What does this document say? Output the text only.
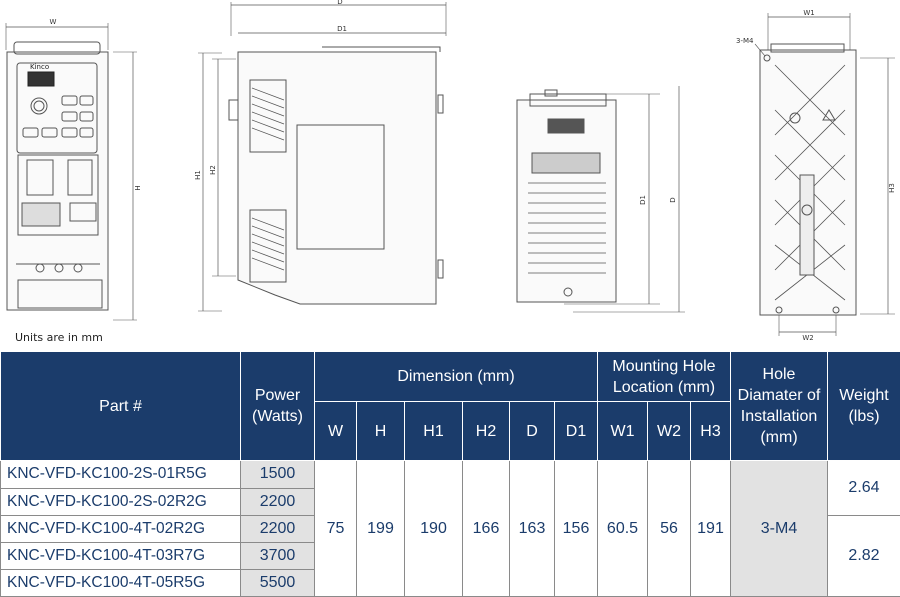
Kinco
W
H
D
D1
H1
H2
D1	D
W1
W2
H3
3-M4
Units are in mm
Part #	Power (Watts)	Dimension (mm)						Mounting Hole Location (mm)			Hole Diamater of Installation (mm)	Weight (lbs)
		W	H	H1	H2	D	D1	W1	W2	H3		
KNC-VFD-KC100-2S-01R5G	1500	75	199	190	166	163	156	60.5	56	191	3-M4	2.64
KNC-VFD-KC100-2S-02R2G	2200											
KNC-VFD-KC100-4T-02R2G	2200											2.82
KNC-VFD-KC100-4T-03R7G	3700											
KNC-VFD-KC100-4T-05R5G	5500											
